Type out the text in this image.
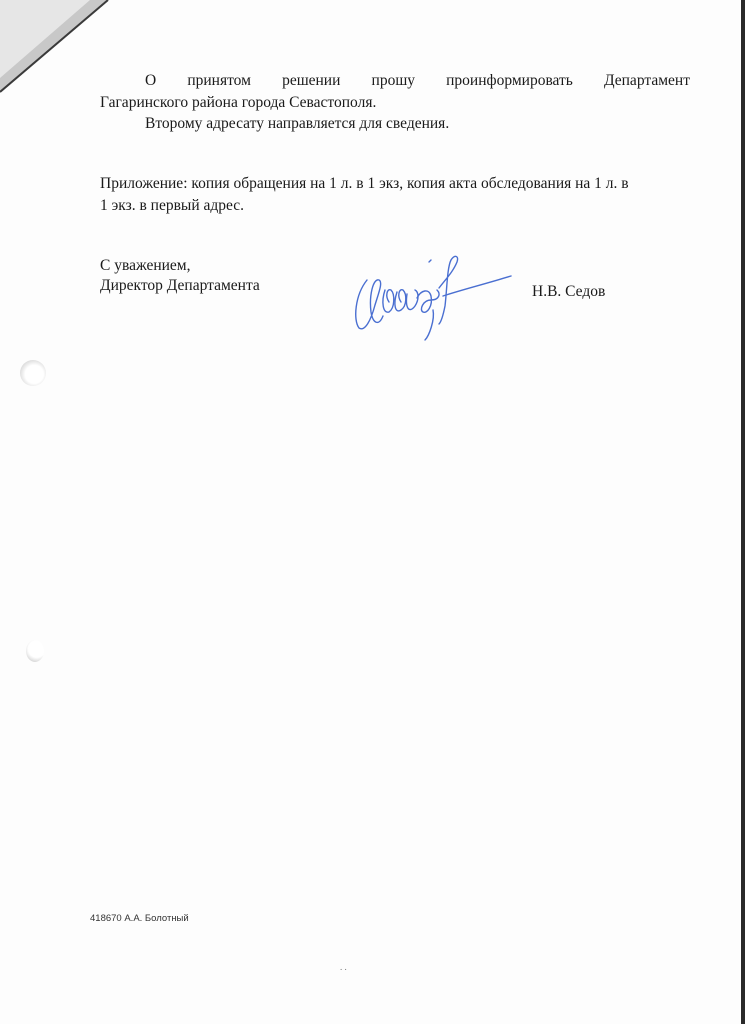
О принятом решении прошу проинформировать Департамент
Гагаринского района города Севастополя.
Второму адресату направляется для сведения.
Приложение: копия обращения на 1 л. в 1 экз, копия акта обследования на 1 л. в
1 экз. в первый адрес.
С уважением,
Директор Департамента	Н.В. Седов
418670 А.А. Болотный
. .
